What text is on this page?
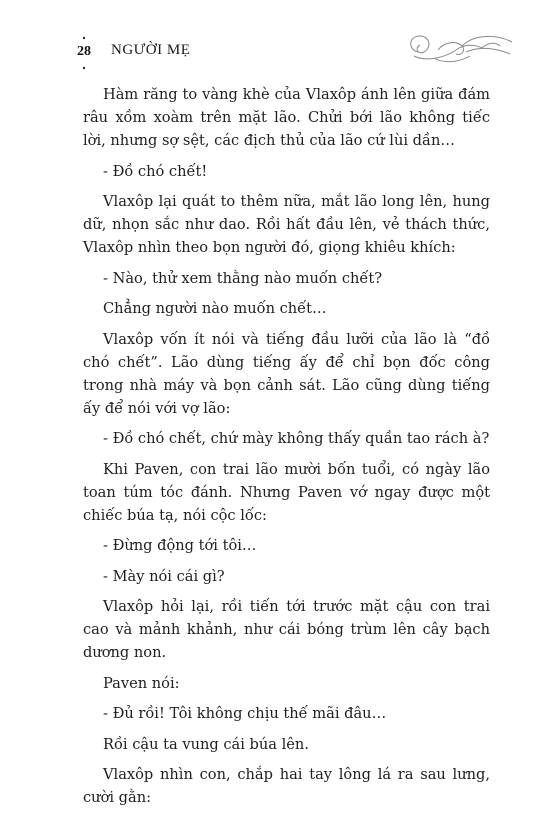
28	NGƯỜI MẸ

Hàm răng to vàng khè của Vlaxôp ánh lên giữa đám râu xồm xoàm trên mặt lão. Chửi bới lão không tiếc lời, nhưng sợ sệt, các địch thủ của lão cứ lùi dần…

- Đồ chó chết!

Vlaxôp lại quát to thêm nữa, mắt lão long lên, hung dữ, nhọn sắc như dao. Rồi hất đầu lên, vẻ thách thức, Vlaxôp nhìn theo bọn người đó, giọng khiêu khích:

- Nào, thử xem thằng nào muốn chết?

Chẳng người nào muốn chết…

Vlaxôp vốn ít nói và tiếng đầu lưỡi của lão là “đồ chó chết”. Lão dùng tiếng ấy để chỉ bọn đốc công trong nhà máy và bọn cảnh sát. Lão cũng dùng tiếng ấy để nói với vợ lão:

- Đồ chó chết, chứ mày không thấy quần tao rách à?

Khi Paven, con trai lão mười bốn tuổi, có ngày lão toan túm tóc đánh. Nhưng Paven vớ ngay được một chiếc búa tạ, nói cộc lốc:

- Đừng động tới tôi…

- Mày nói cái gì?

Vlaxôp hỏi lại, rồi tiến tới trước mặt cậu con trai cao và mảnh khảnh, như cái bóng trùm lên cây bạch dương non.

Paven nói:

- Đủ rồi! Tôi không chịu thế mãi đâu…

Rồi cậu ta vung cái búa lên.

Vlaxôp nhìn con, chắp hai tay lông lá ra sau lưng, cười gằn:
